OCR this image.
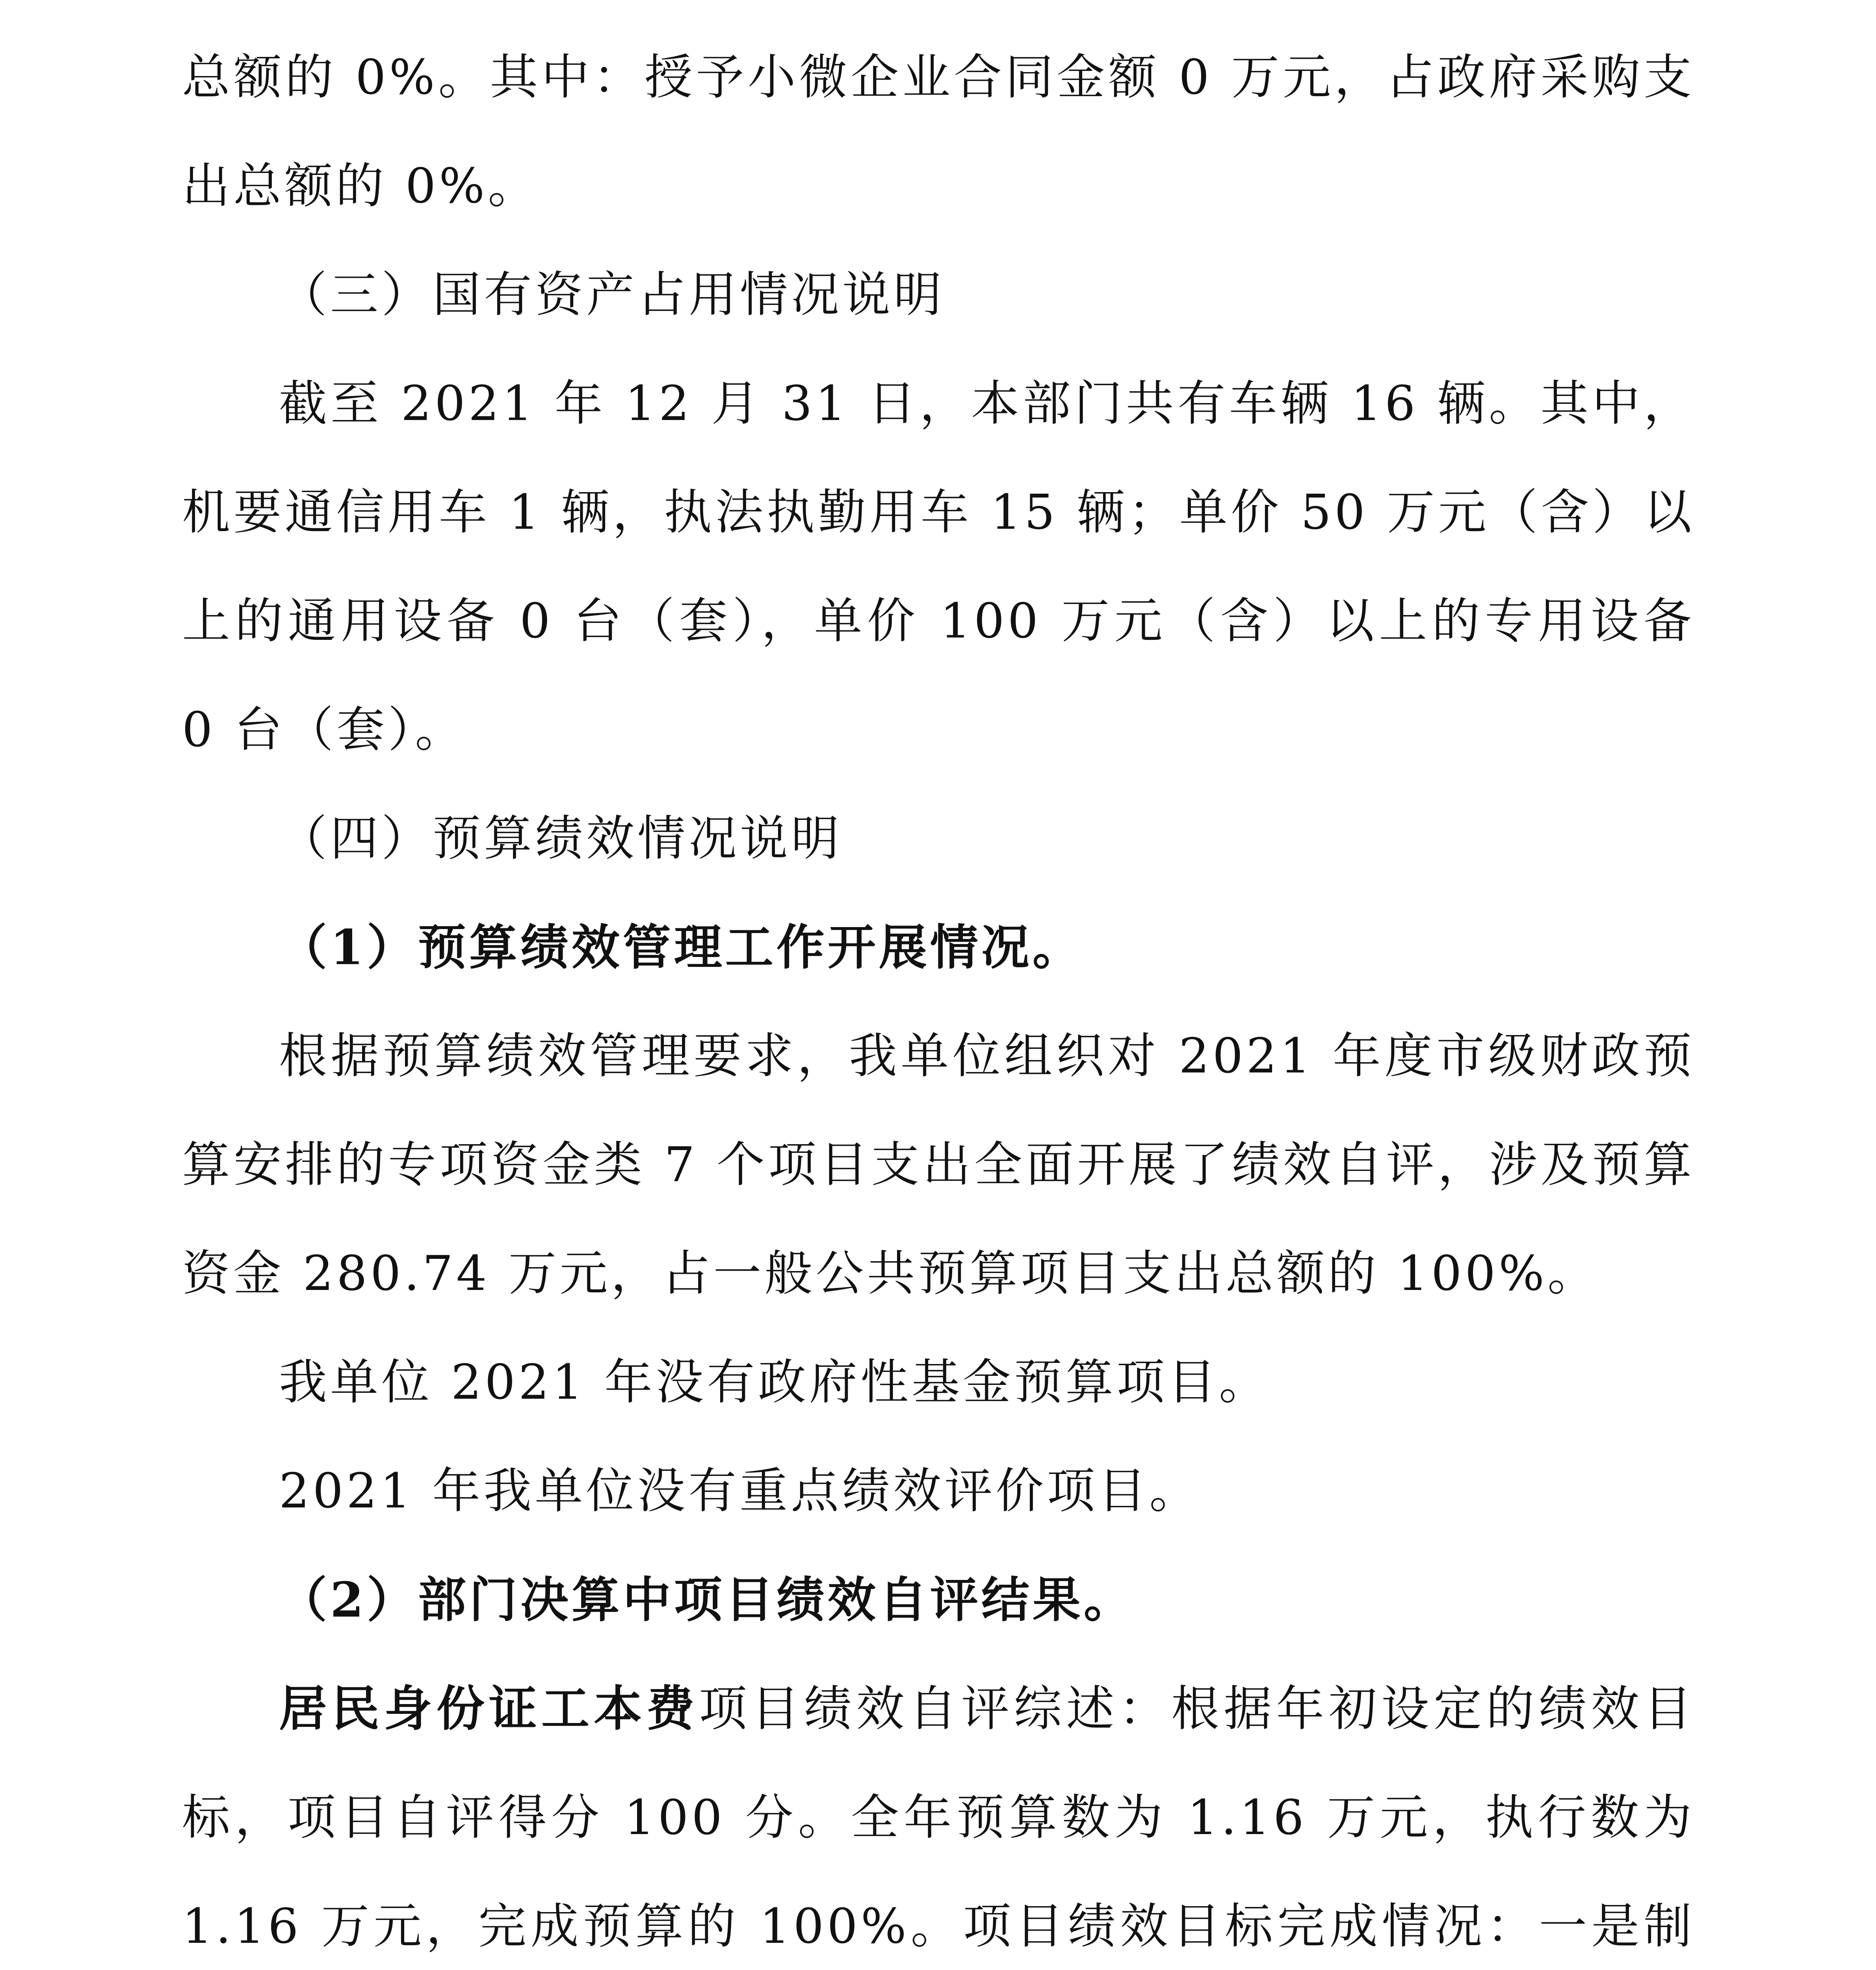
总额的 0%。其中：授予小微企业合同金额 0 万元，占政府采购支出总额的 0%。

（三）国有资产占用情况说明

截至 2021 年 12 月 31 日，本部门共有车辆 16 辆。其中，机要通信用车 1 辆，执法执勤用车 15 辆；单价 50 万元（含）以上的通用设备 0 台（套），单价 100 万元（含）以上的专用设备 0 台（套）。

（四）预算绩效情况说明

（1）预算绩效管理工作开展情况。

根据预算绩效管理要求，我单位组织对 2021 年度市级财政预算安排的专项资金类 7 个项目支出全面开展了绩效自评，涉及预算资金 280.74 万元，占一般公共预算项目支出总额的 100%。

我单位 2021 年没有政府性基金预算项目。

2021 年我单位没有重点绩效评价项目。

（2）部门决算中项目绩效自评结果。

居民身份证工本费项目绩效自评综述：根据年初设定的绩效目标，项目自评得分 100 分。全年预算数为 1.16 万元，执行数为 1.16 万元，完成预算的 100%。项目绩效目标完成情况：一是制
